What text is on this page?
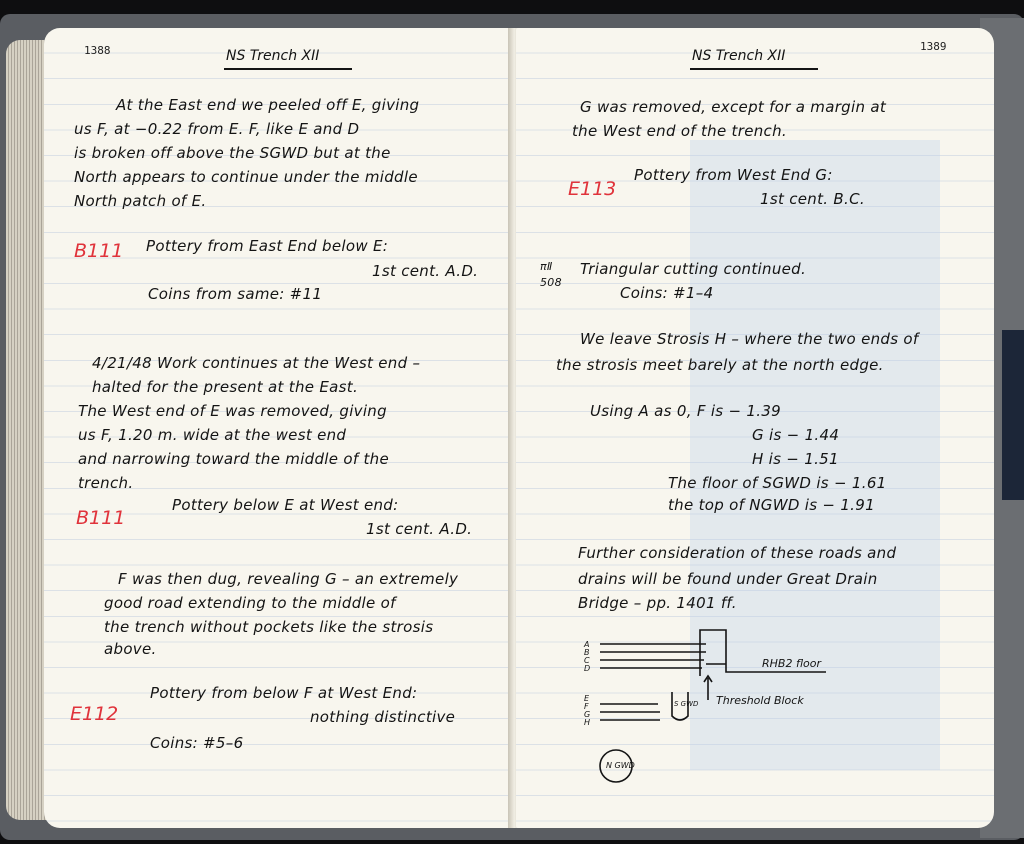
1388	NS Trench XII
At the East end we peeled off E, giving
us F, at −0.22 from E. F, like E and D
is broken off above the SGWD but at the
North appears to continue under the middle
North patch of E.
B111 Pottery from East End below E:
1st cent. A.D.
Coins from same: #11
4/21/48 Work continues at the West end –
halted for the present at the East.
The West end of E was removed, giving
us F, 1.20 m. wide at the west end
and narrowing toward the middle of the
trench.
Pottery below E at West end:
B111	1st cent. A.D.
F was then dug, revealing G – an extremely
good road extending to the middle of
the trench without pockets like the strosis
above.
Pottery from below F at West End:
E112	nothing distinctive
Coins: #5–6
1389
NS Trench XII
G was removed, except for a margin at
the West end of the trench.
E113
Pottery from West End G:
1st cent. B.C.
πⅡ
508
Triangular cutting continued.
Coins: #1–4
We leave Strosis H – where the two ends of
the strosis meet barely at the north edge.
Using A as 0, F is − 1.39
G is − 1.44
H is − 1.51
The floor of SGWD is − 1.61
the top of NGWD is − 1.91
Further consideration of these roads and
drains will be found under Great Drain
Bridge – pp. 1401 ff.
A
B
C
D
E
F
G
H
RHB2 floor
Threshold Block
S GWD
N GWD
